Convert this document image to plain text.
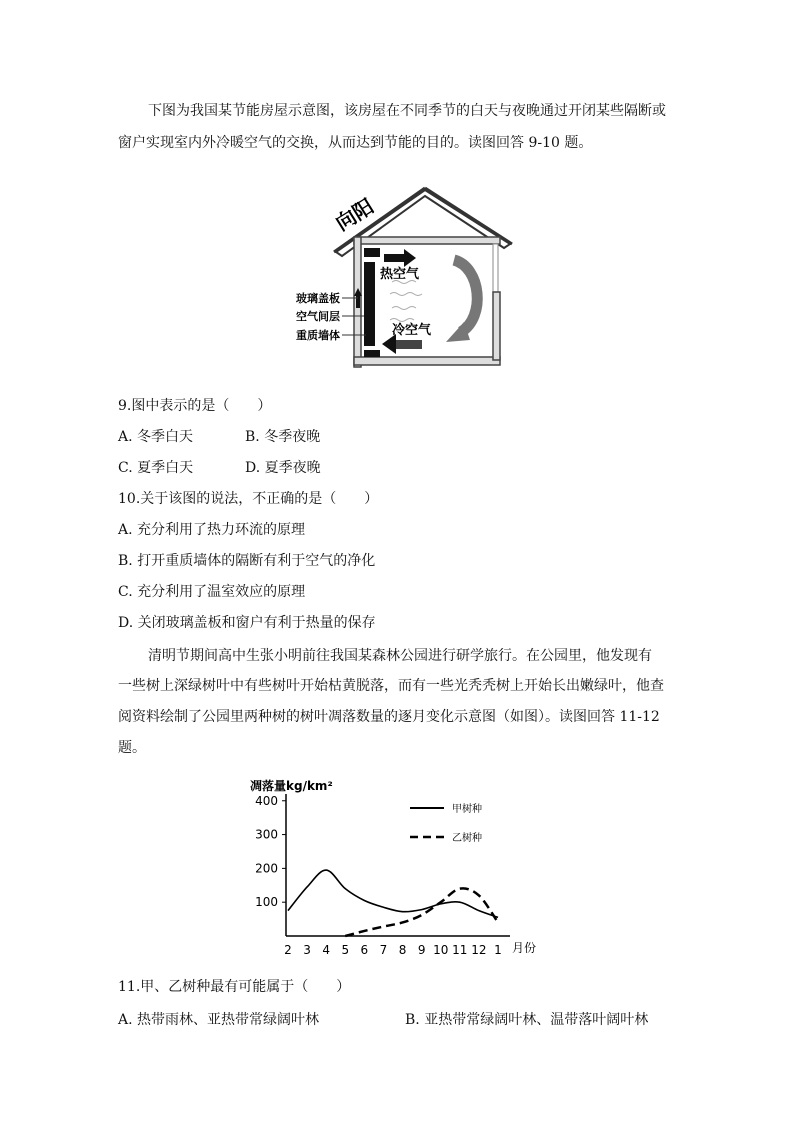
下图为我国某节能房屋示意图，该房屋在不同季节的白天与夜晚通过开闭某些隔断或
窗户实现室内外冷暖空气的交换，从而达到节能的目的。读图回答 9-10 题。
向阳
热空气
冷空气
玻璃盖板
空气间层
重质墙体
9.图中表示的是（　　）
A. 冬季白天	B. 冬季夜晚
C. 夏季白天	D. 夏季夜晚
10.关于该图的说法，不正确的是（　　）
A. 充分利用了热力环流的原理
B. 打开重质墙体的隔断有利于空气的净化
C. 充分利用了温室效应的原理
D. 关闭玻璃盖板和窗户有利于热量的保存
清明节期间高中生张小明前往我国某森林公园进行研学旅行。在公园里，他发现有
一些树上深绿树叶中有些树叶开始枯黄脱落，而有一些光秃秃树上开始长出嫩绿叶，他查
阅资料绘制了公园里两种树的树叶凋落数量的逐月变化示意图（如图）。读图回答 11-12
题。
凋落量kg/km²
100
200
300
400
2 3 4 5 6 7 8 9 10 11 12 1
甲树种
乙树种
月份
11.甲、乙树种最有可能属于（　　）
A. 热带雨林、亚热带常绿阔叶林	B. 亚热带常绿阔叶林、温带落叶阔叶林
